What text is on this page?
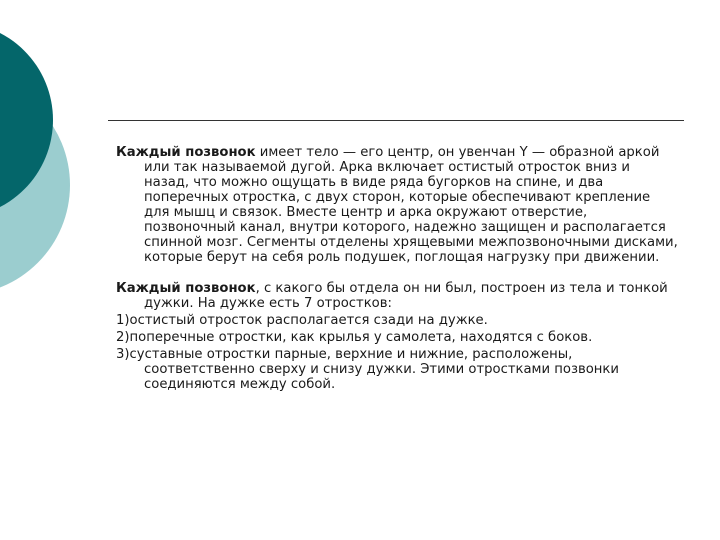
Каждый позвонок имеет тело — его центр, он увенчан Y — образной аркой или так называемой дугой. Арка включает остистый отросток вниз и назад, что можно ощущать в виде ряда бугорков на спине, и два поперечных отростка, с двух сторон, которые обеспечивают крепление для мышц и связок. Вместе центр и арка окружают отверстие, позвоночный канал, внутри которого, надежно защищен и располагается спинной мозг. Сегменты отделены хрящевыми межпозвоночными дисками, которые берут на себя роль подушек, поглощая нагрузку при движении.

Каждый позвонок, с какого бы отдела он ни был, построен из тела и тонкой дужки. На дужке есть 7 отростков:

1)остистый отросток располагается сзади на дужке.

2)поперечные отростки, как крылья у самолета, находятся с боков.

3)суставные отростки парные, верхние и нижние, расположены, соответственно сверху и снизу дужки. Этими отростками позвонки соединяются между собой.
